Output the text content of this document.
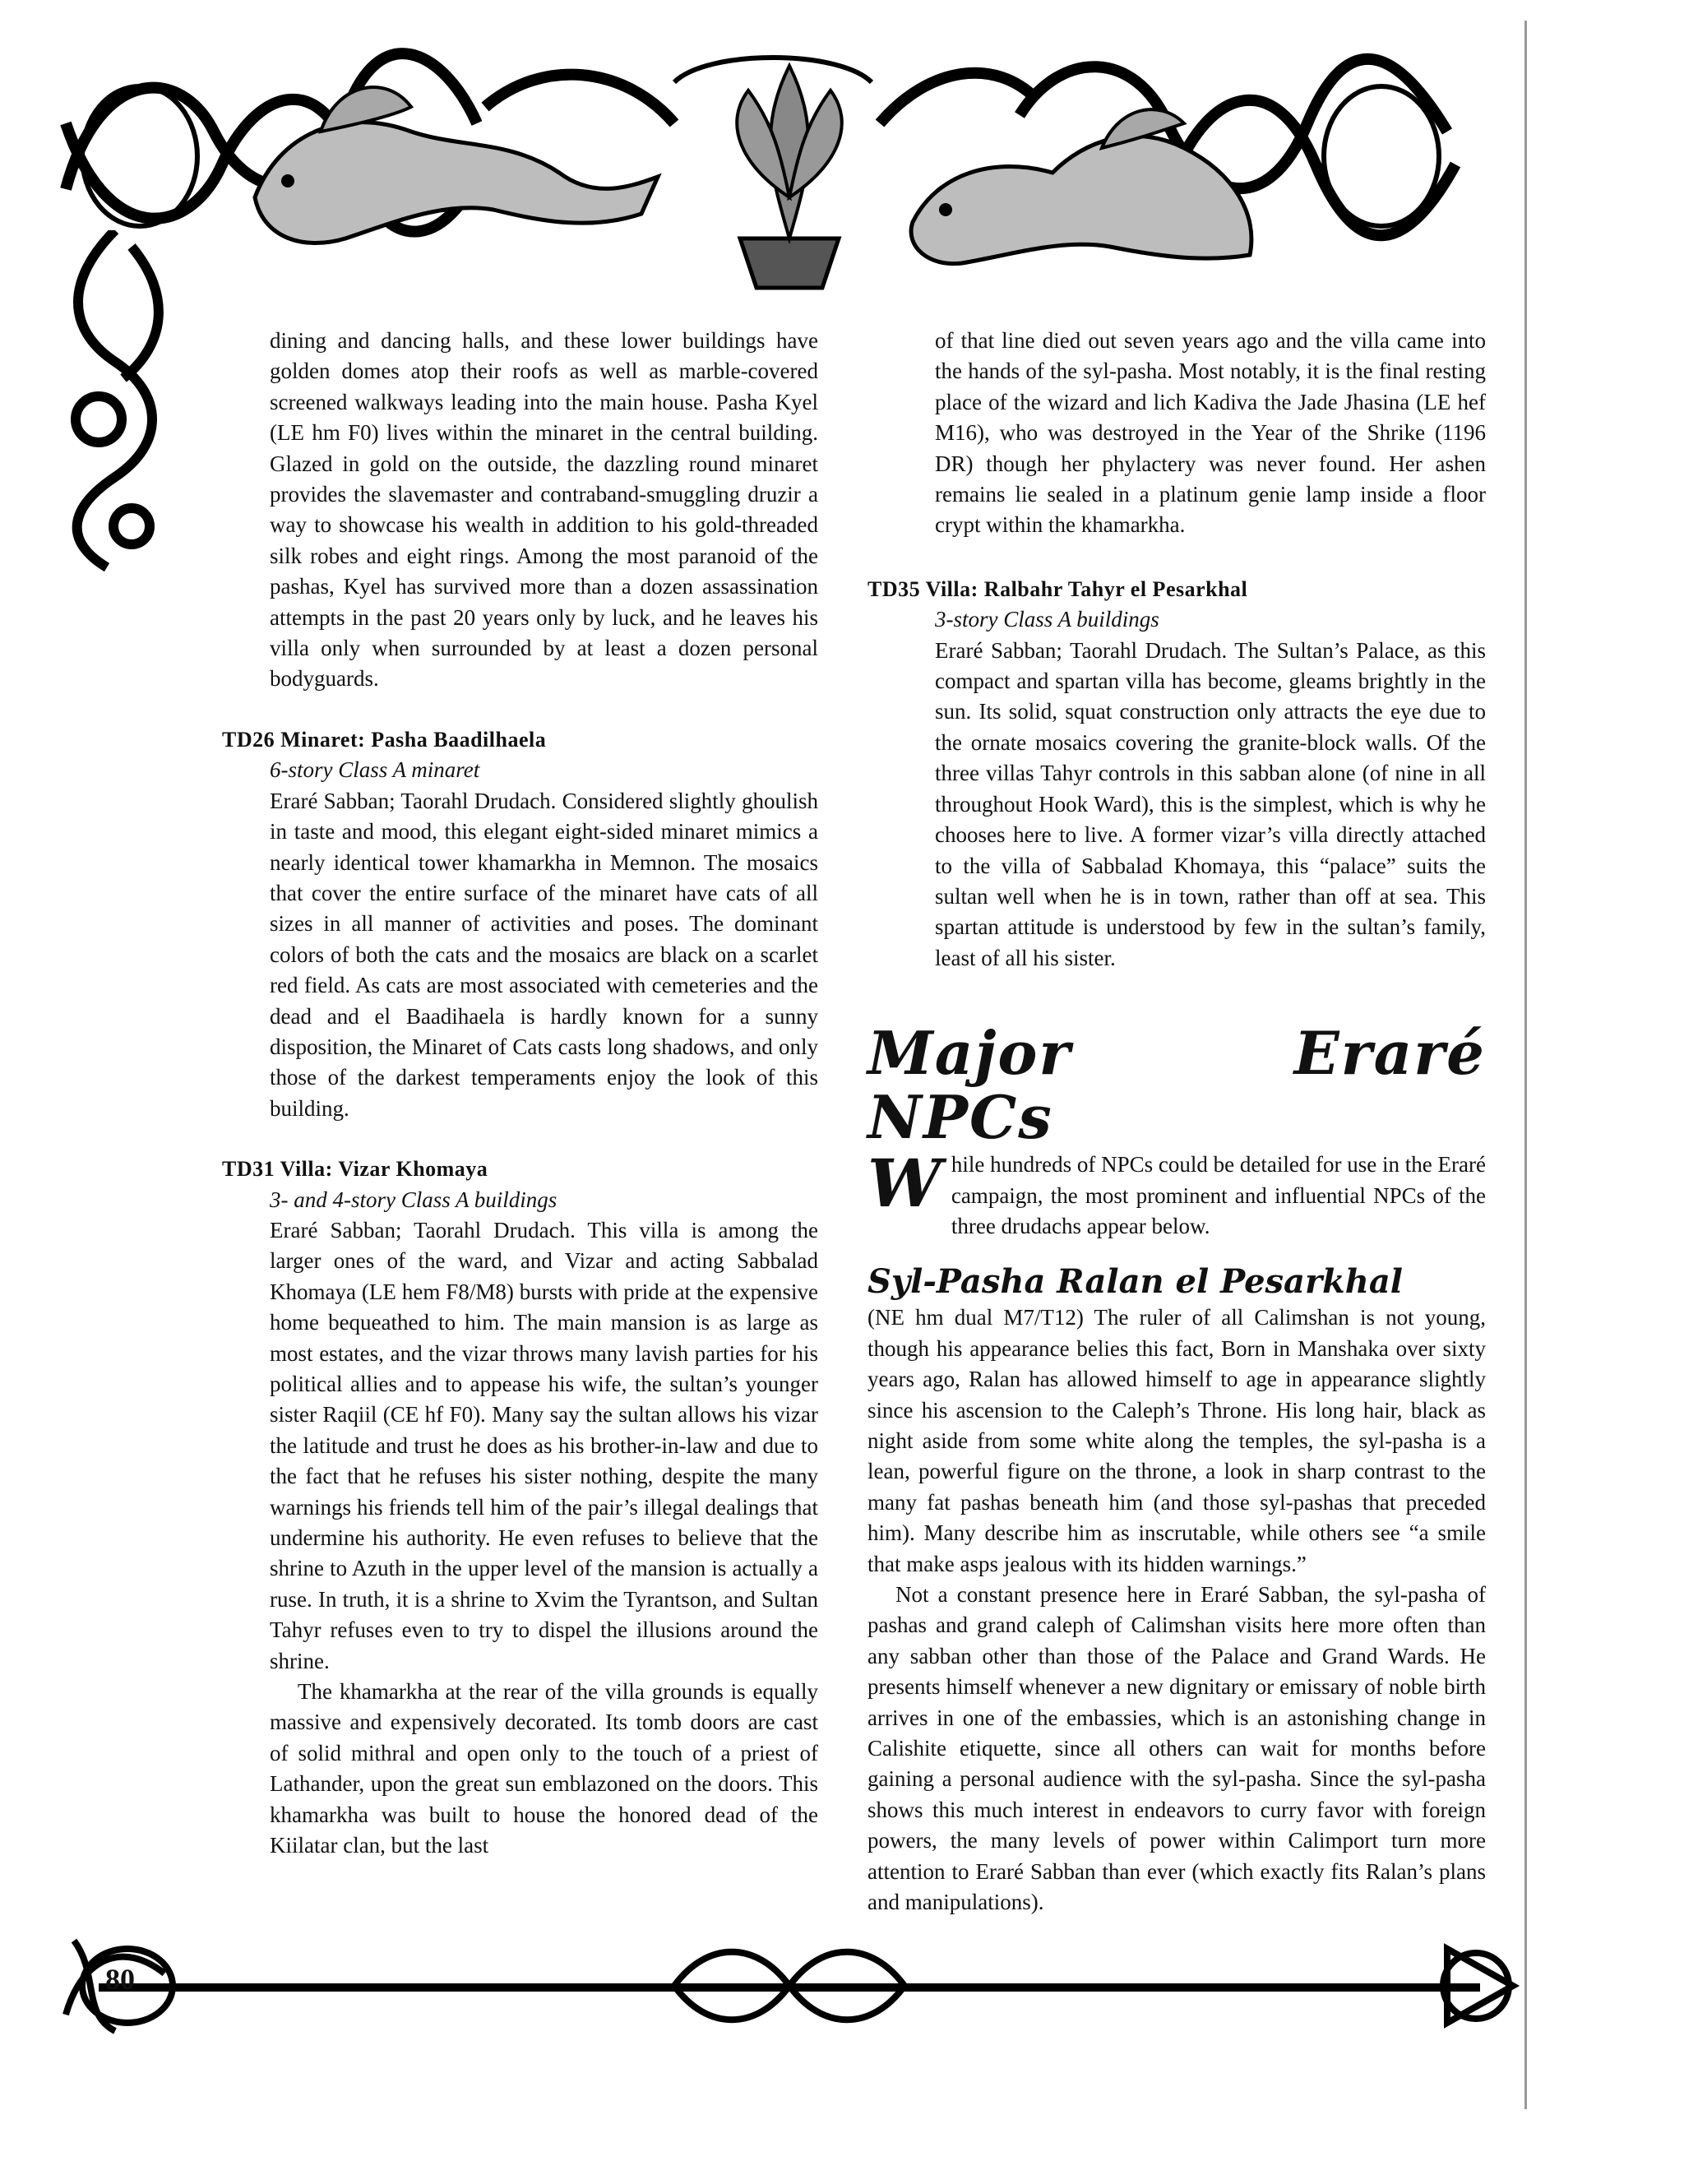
80

dining and dancing halls, and these lower buildings have golden domes atop their roofs as well as marble-covered screened walkways leading into the main house. Pasha Kyel (LE hm F0) lives within the minaret in the central building. Glazed in gold on the outside, the dazzling round minaret provides the slavemaster and contraband-smuggling druzir a way to showcase his wealth in addition to his gold-threaded silk robes and eight rings. Among the most paranoid of the pashas, Kyel has survived more than a dozen assassination attempts in the past 20 years only by luck, and he leaves his villa only when surrounded by at least a dozen personal bodyguards.

TD26 Minaret: Pasha Baadilhaela

6-story Class A minaret

Eraré Sabban; Taorahl Drudach. Considered slightly ghoulish in taste and mood, this elegant eight-sided minaret mimics a nearly identical tower khamarkha in Memnon. The mosaics that cover the entire surface of the minaret have cats of all sizes in all manner of activities and poses. The dominant colors of both the cats and the mosaics are black on a scarlet red field. As cats are most associated with cemeteries and the dead and el Baadihaela is hardly known for a sunny disposition, the Minaret of Cats casts long shadows, and only those of the darkest temperaments enjoy the look of this building.

TD31 Villa: Vizar Khomaya

3- and 4-story Class A buildings

Eraré Sabban; Taorahl Drudach. This villa is among the larger ones of the ward, and Vizar and acting Sabbalad Khomaya (LE hem F8/M8) bursts with pride at the expensive home bequeathed to him. The main mansion is as large as most estates, and the vizar throws many lavish parties for his political allies and to appease his wife, the sultan’s younger sister Raqiil (CE hf F0). Many say the sultan allows his vizar the latitude and trust he does as his brother-in-law and due to the fact that he refuses his sister nothing, despite the many warnings his friends tell him of the pair’s illegal dealings that undermine his authority. He even refuses to believe that the shrine to Azuth in the upper level of the mansion is actually a ruse. In truth, it is a shrine to Xvim the Tyrantson, and Sultan Tahyr refuses even to try to dispel the illusions around the shrine.

The khamarkha at the rear of the villa grounds is equally massive and expensively decorated. Its tomb doors are cast of solid mithral and open only to the touch of a priest of Lathander, upon the great sun emblazoned on the doors. This khamarkha was built to house the honored dead of the Kiilatar clan, but the last

of that line died out seven years ago and the villa came into the hands of the syl-pasha. Most notably, it is the final resting place of the wizard and lich Kadiva the Jade Jhasina (LE hef M16), who was destroyed in the Year of the Shrike (1196 DR) though her phylactery was never found. Her ashen remains lie sealed in a platinum genie lamp inside a floor crypt within the khamarkha.

TD35 Villa: Ralbahr Tahyr el Pesarkhal

3-story Class A buildings

Eraré Sabban; Taorahl Drudach. The Sultan’s Palace, as this compact and spartan villa has become, gleams brightly in the sun. Its solid, squat construction only attracts the eye due to the ornate mosaics covering the granite-block walls. Of the three villas Tahyr controls in this sabban alone (of nine in all throughout Hook Ward), this is the simplest, which is why he chooses here to live. A former vizar’s villa directly attached to the villa of Sabbalad Khomaya, this “palace” suits the sultan well when he is in town, rather than off at sea. This spartan attitude is understood by few in the sultan’s family, least of all his sister.

Major Eraré NPCs

While hundreds of NPCs could be detailed for use in the Eraré campaign, the most prominent and influential NPCs of the three drudachs appear below.

Syl-Pasha Ralan el Pesarkhal

(NE hm dual M7/T12) The ruler of all Calimshan is not young, though his appearance belies this fact, Born in Manshaka over sixty years ago, Ralan has allowed himself to age in appearance slightly since his ascension to the Caleph’s Throne. His long hair, black as night aside from some white along the temples, the syl-pasha is a lean, powerful figure on the throne, a look in sharp contrast to the many fat pashas beneath him (and those syl-pashas that preceded him). Many describe him as inscrutable, while others see “a smile that make asps jealous with its hidden warnings.”

Not a constant presence here in Eraré Sabban, the syl-pasha of pashas and grand caleph of Calimshan visits here more often than any sabban other than those of the Palace and Grand Wards. He presents himself whenever a new dignitary or emissary of noble birth arrives in one of the embassies, which is an astonishing change in Calishite etiquette, since all others can wait for months before gaining a personal audience with the syl-pasha. Since the syl-pasha shows this much interest in endeavors to curry favor with foreign powers, the many levels of power within Calimport turn more attention to Eraré Sabban than ever (which exactly fits Ralan’s plans and manipulations).
